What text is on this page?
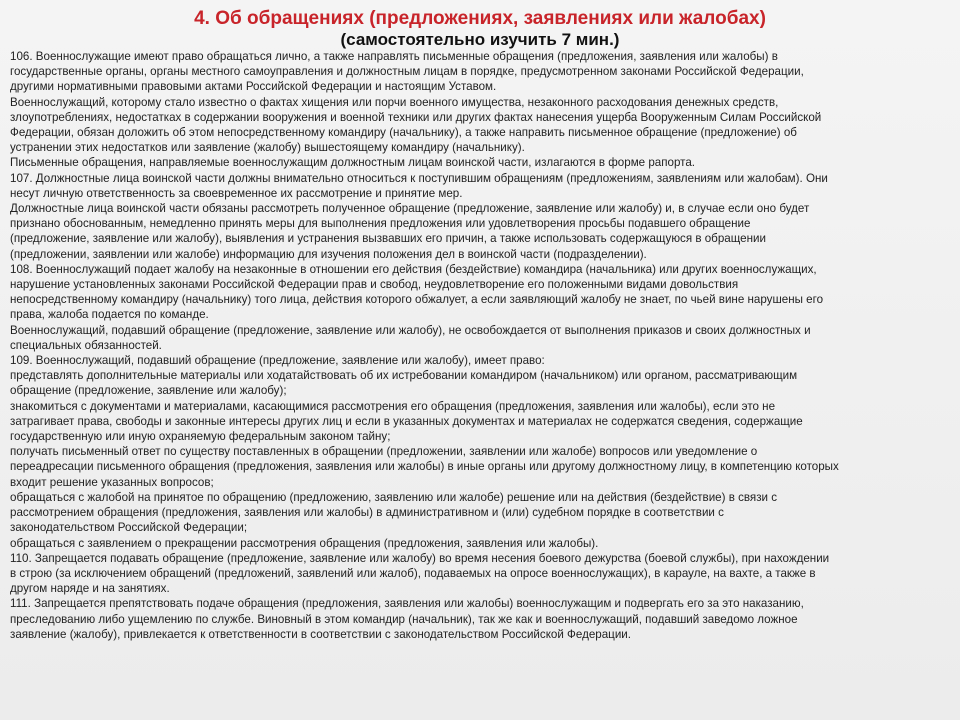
4. Об обращениях (предложениях, заявлениях или жалобах)
(самостоятельно изучить 7 мин.)
106. Военнослужащие имеют право обращаться лично, а также направлять письменные обращения (предложения, заявления или жалобы) в
государственные органы, органы местного самоуправления и должностным лицам в порядке, предусмотренном законами Российской Федерации,
другими нормативными правовыми актами Российской Федерации и настоящим Уставом.
Военнослужащий, которому стало известно о фактах хищения или порчи военного имущества, незаконного расходования денежных средств,
злоупотреблениях, недостатках в содержании вооружения и военной техники или других фактах нанесения ущерба Вооруженным Силам Российской
Федерации, обязан доложить об этом непосредственному командиру (начальнику), а также направить письменное обращение (предложение) об
устранении этих недостатков или заявление (жалобу) вышестоящему командиру (начальнику).
Письменные обращения, направляемые военнослужащим должностным лицам воинской части, излагаются в форме рапорта.
107. Должностные лица воинской части должны внимательно относиться к поступившим обращениям (предложениям, заявлениям или жалобам). Они
несут личную ответственность за своевременное их рассмотрение и принятие мер.
Должностные лица воинской части обязаны рассмотреть полученное обращение (предложение, заявление или жалобу) и, в случае если оно будет
признано обоснованным, немедленно принять меры для выполнения предложения или удовлетворения просьбы подавшего обращение
(предложение, заявление или жалобу), выявления и устранения вызвавших его причин, а также использовать содержащуюся в обращении
(предложении, заявлении или жалобе) информацию для изучения положения дел в воинской части (подразделении).
108. Военнослужащий подает жалобу на незаконные в отношении его действия (бездействие) командира (начальника) или других военнослужащих,
нарушение установленных законами Российской Федерации прав и свобод, неудовлетворение его положенными видами довольствия
непосредственному командиру (начальнику) того лица, действия которого обжалует, а если заявляющий жалобу не знает, по чьей вине нарушены его
права, жалоба подается по команде.
Военнослужащий, подавший обращение (предложение, заявление или жалобу), не освобождается от выполнения приказов и своих должностных и
специальных обязанностей.
109. Военнослужащий, подавший обращение (предложение, заявление или жалобу), имеет право:
представлять дополнительные материалы или ходатайствовать об их истребовании командиром (начальником) или органом, рассматривающим
обращение (предложение, заявление или жалобу);
знакомиться с документами и материалами, касающимися рассмотрения его обращения (предложения, заявления или жалобы), если это не
затрагивает права, свободы и законные интересы других лиц и если в указанных документах и материалах не содержатся сведения, содержащие
государственную или иную охраняемую федеральным законом тайну;
получать письменный ответ по существу поставленных в обращении (предложении, заявлении или жалобе) вопросов или уведомление о
переадресации письменного обращения (предложения, заявления или жалобы) в иные органы или другому должностному лицу, в компетенцию которых
входит решение указанных вопросов;
обращаться с жалобой на принятое по обращению (предложению, заявлению или жалобе) решение или на действия (бездействие) в связи с
рассмотрением обращения (предложения, заявления или жалобы) в административном и (или) судебном порядке в соответствии с
законодательством Российской Федерации;
обращаться с заявлением о прекращении рассмотрения обращения (предложения, заявления или жалобы).
110. Запрещается подавать обращение (предложение, заявление или жалобу) во время несения боевого дежурства (боевой службы), при нахождении
в строю (за исключением обращений (предложений, заявлений или жалоб), подаваемых на опросе военнослужащих), в карауле, на вахте, а также в
другом наряде и на занятиях.
111. Запрещается препятствовать подаче обращения (предложения, заявления или жалобы) военнослужащим и подвергать его за это наказанию,
преследованию либо ущемлению по службе. Виновный в этом командир (начальник), так же как и военнослужащий, подавший заведомо ложное
заявление (жалобу), привлекается к ответственности в соответствии с законодательством Российской Федерации.
